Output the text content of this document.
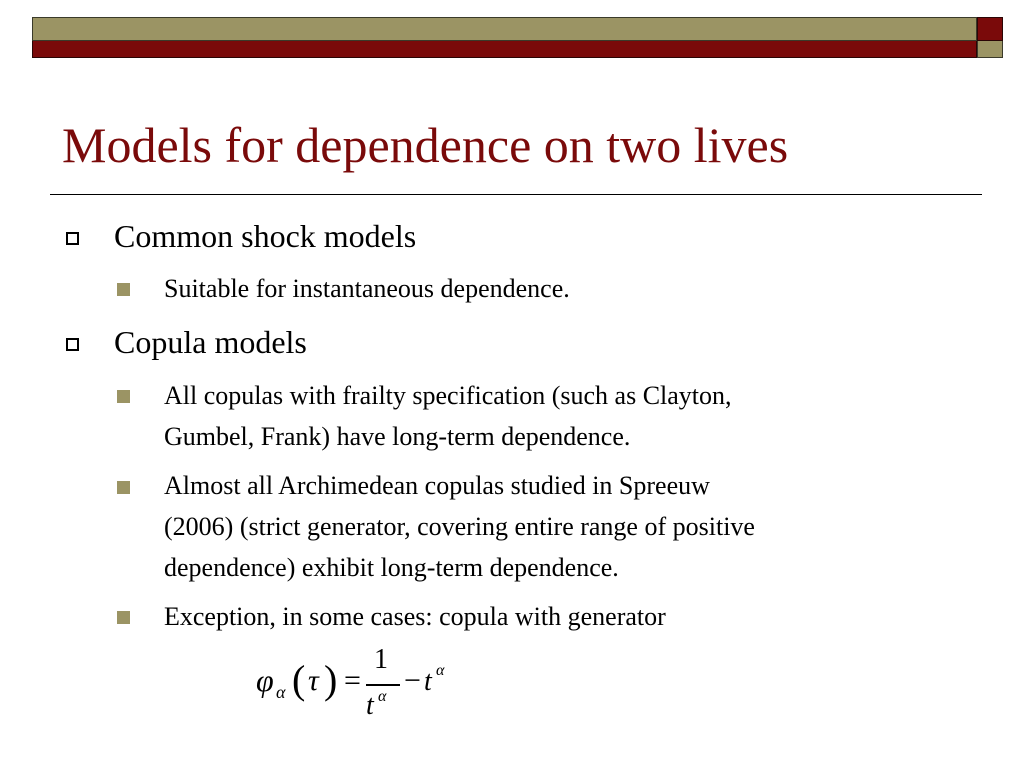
Models for dependence on two lives
Common shock models
Suitable for instantaneous dependence.
Copula models
All copulas with frailty specification (such as Clayton,
Gumbel, Frank) have long-term dependence.
Almost all Archimedean copulas studied in Spreeuw
(2006) (strict generator, covering entire range of positive
dependence) exhibit long-term dependence.
Exception, in some cases: copula with generator
φ α ( τ ) =
1
t α − t α
